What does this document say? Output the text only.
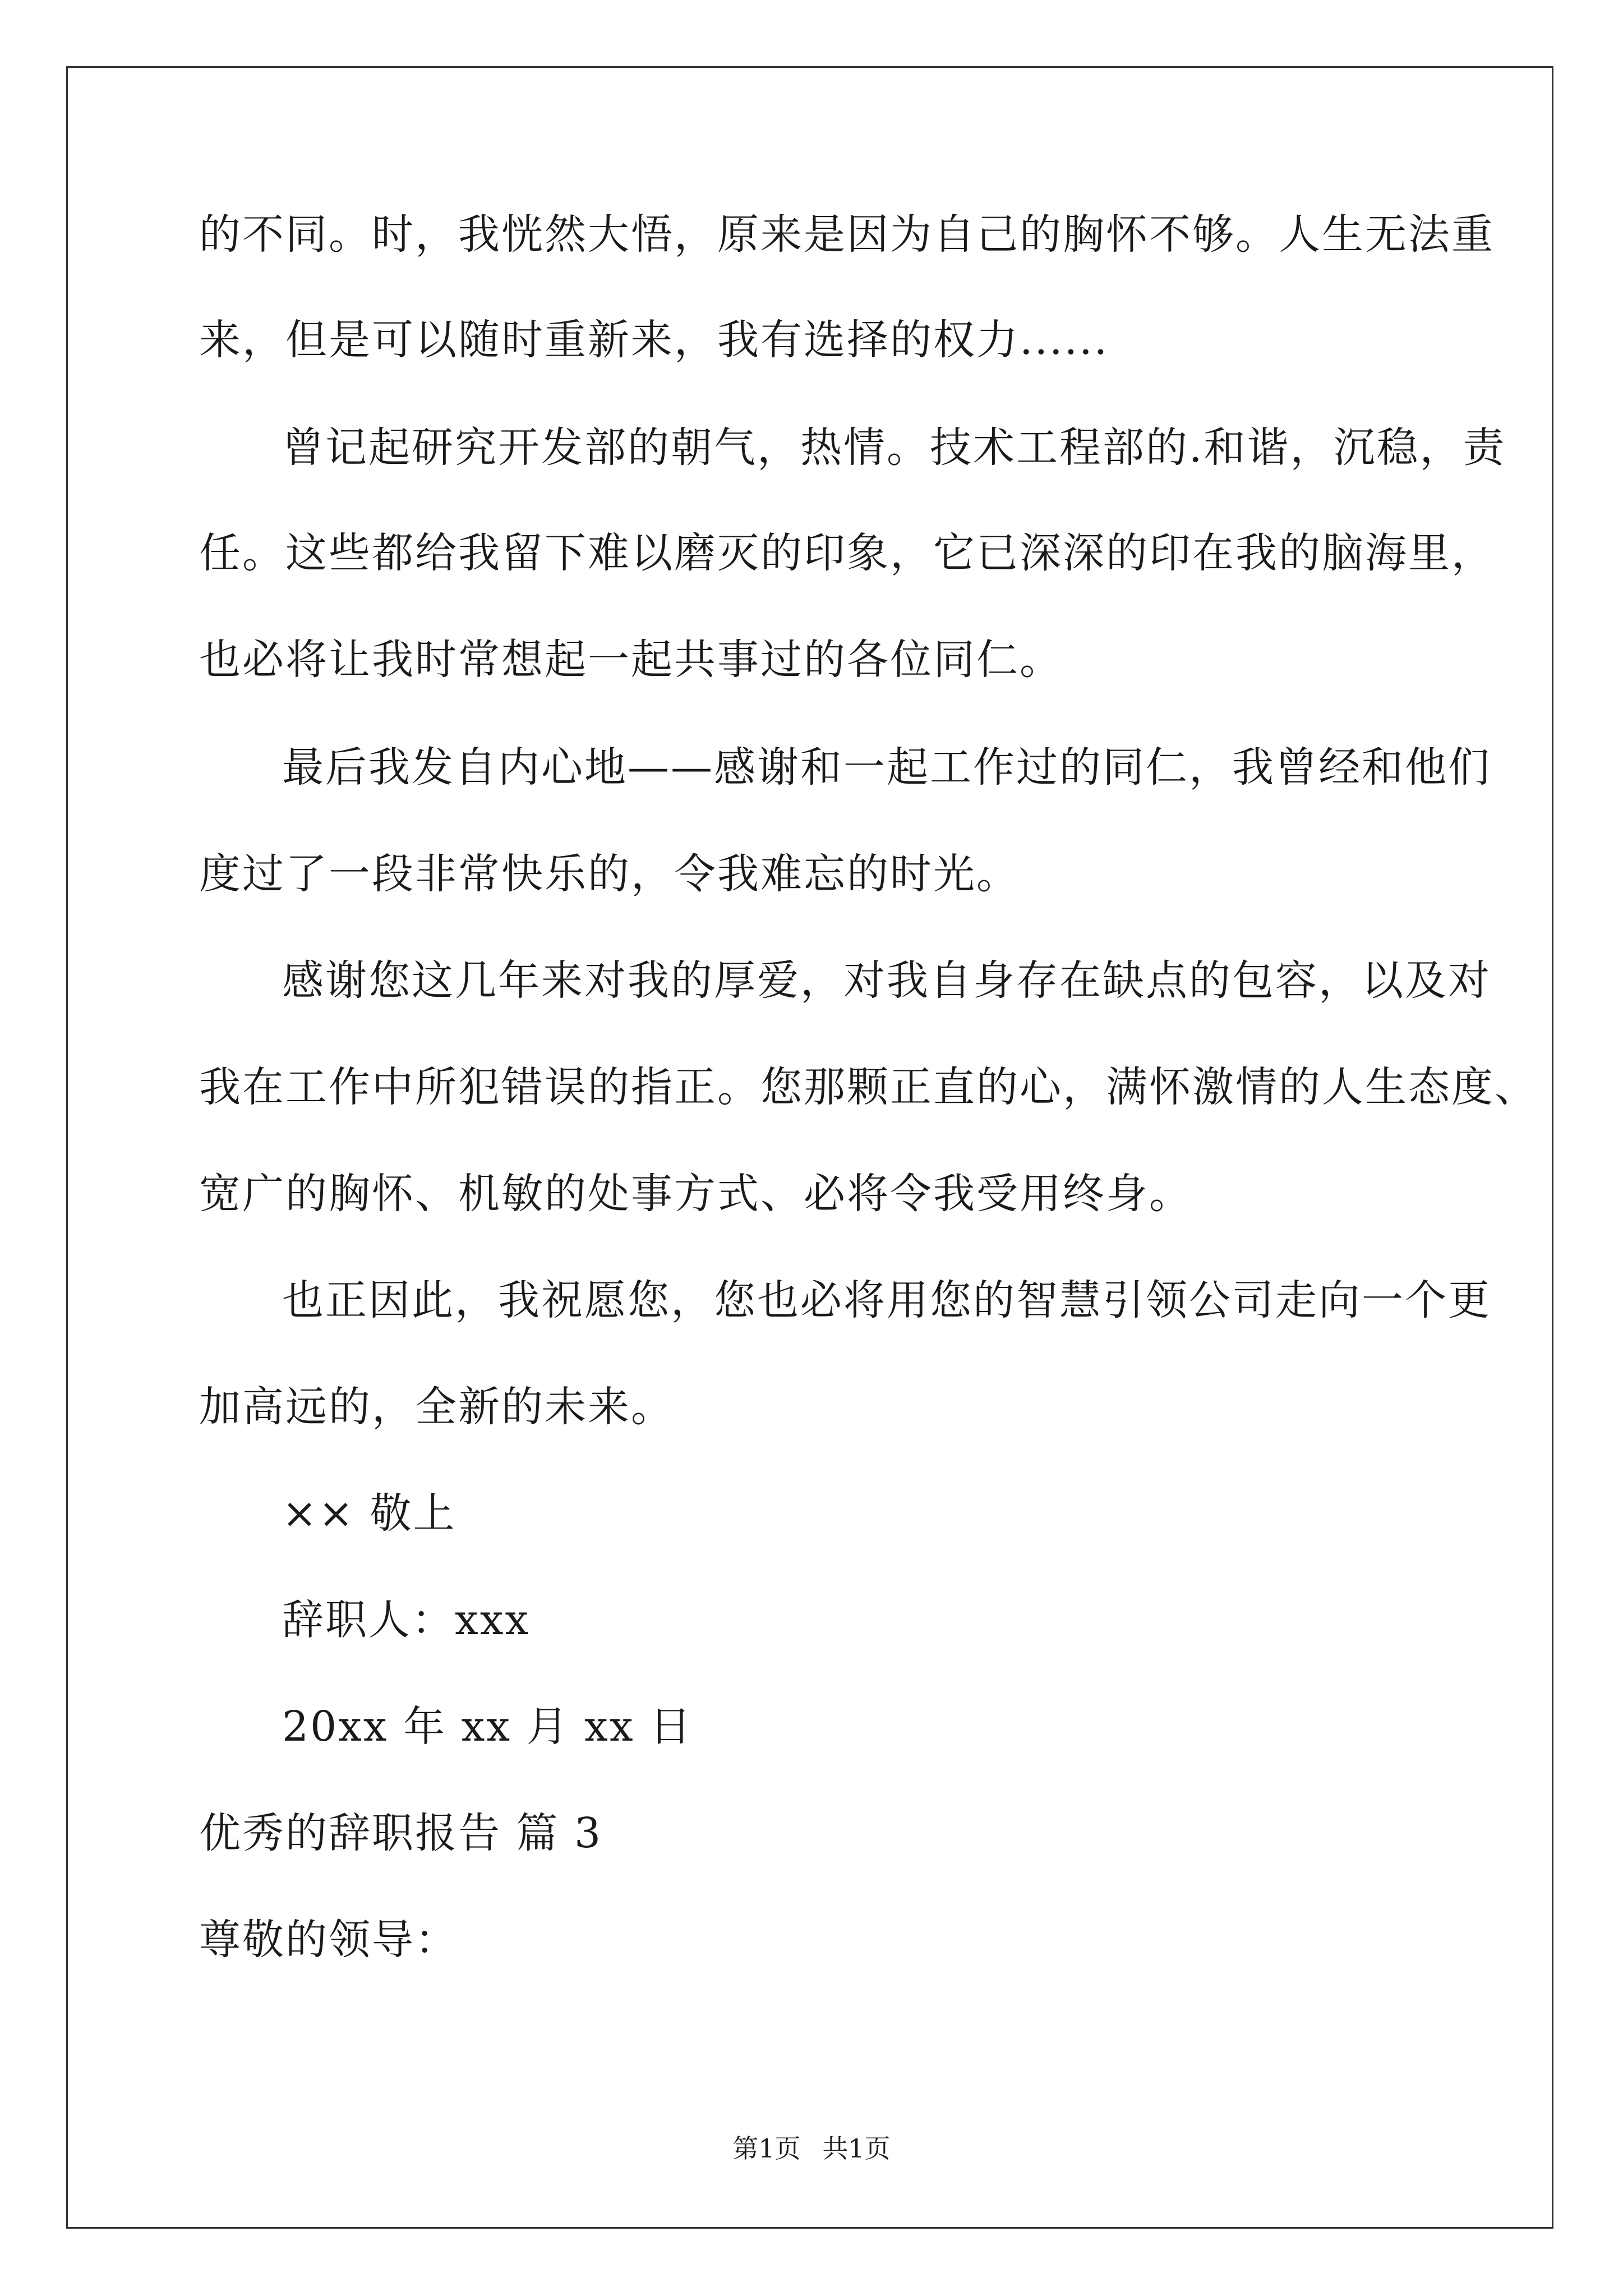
的不同。时，我恍然大悟，原来是因为自己的胸怀不够。人生无法重
来，但是可以随时重新来，我有选择的权力......
曾记起研究开发部的朝气，热情。技术工程部的.和谐，沉稳，责
任。这些都给我留下难以磨灭的印象，它已深深的印在我的脑海里，
也必将让我时常想起一起共事过的各位同仁。
最后我发自内心地——感谢和一起工作过的同仁，我曾经和他们
度过了一段非常快乐的，令我难忘的时光。
感谢您这几年来对我的厚爱，对我自身存在缺点的包容，以及对
我在工作中所犯错误的指正。您那颗正直的心，满怀激情的人生态度、
宽广的胸怀、机敏的处事方式、必将令我受用终身。
也正因此，我祝愿您，您也必将用您的智慧引领公司走向一个更
加高远的，全新的未来。
×× 敬上
辞职人：xxx
20xx 年 xx 月 xx 日
优秀的辞职报告 篇 3
尊敬的领导：
第1页 共1页
